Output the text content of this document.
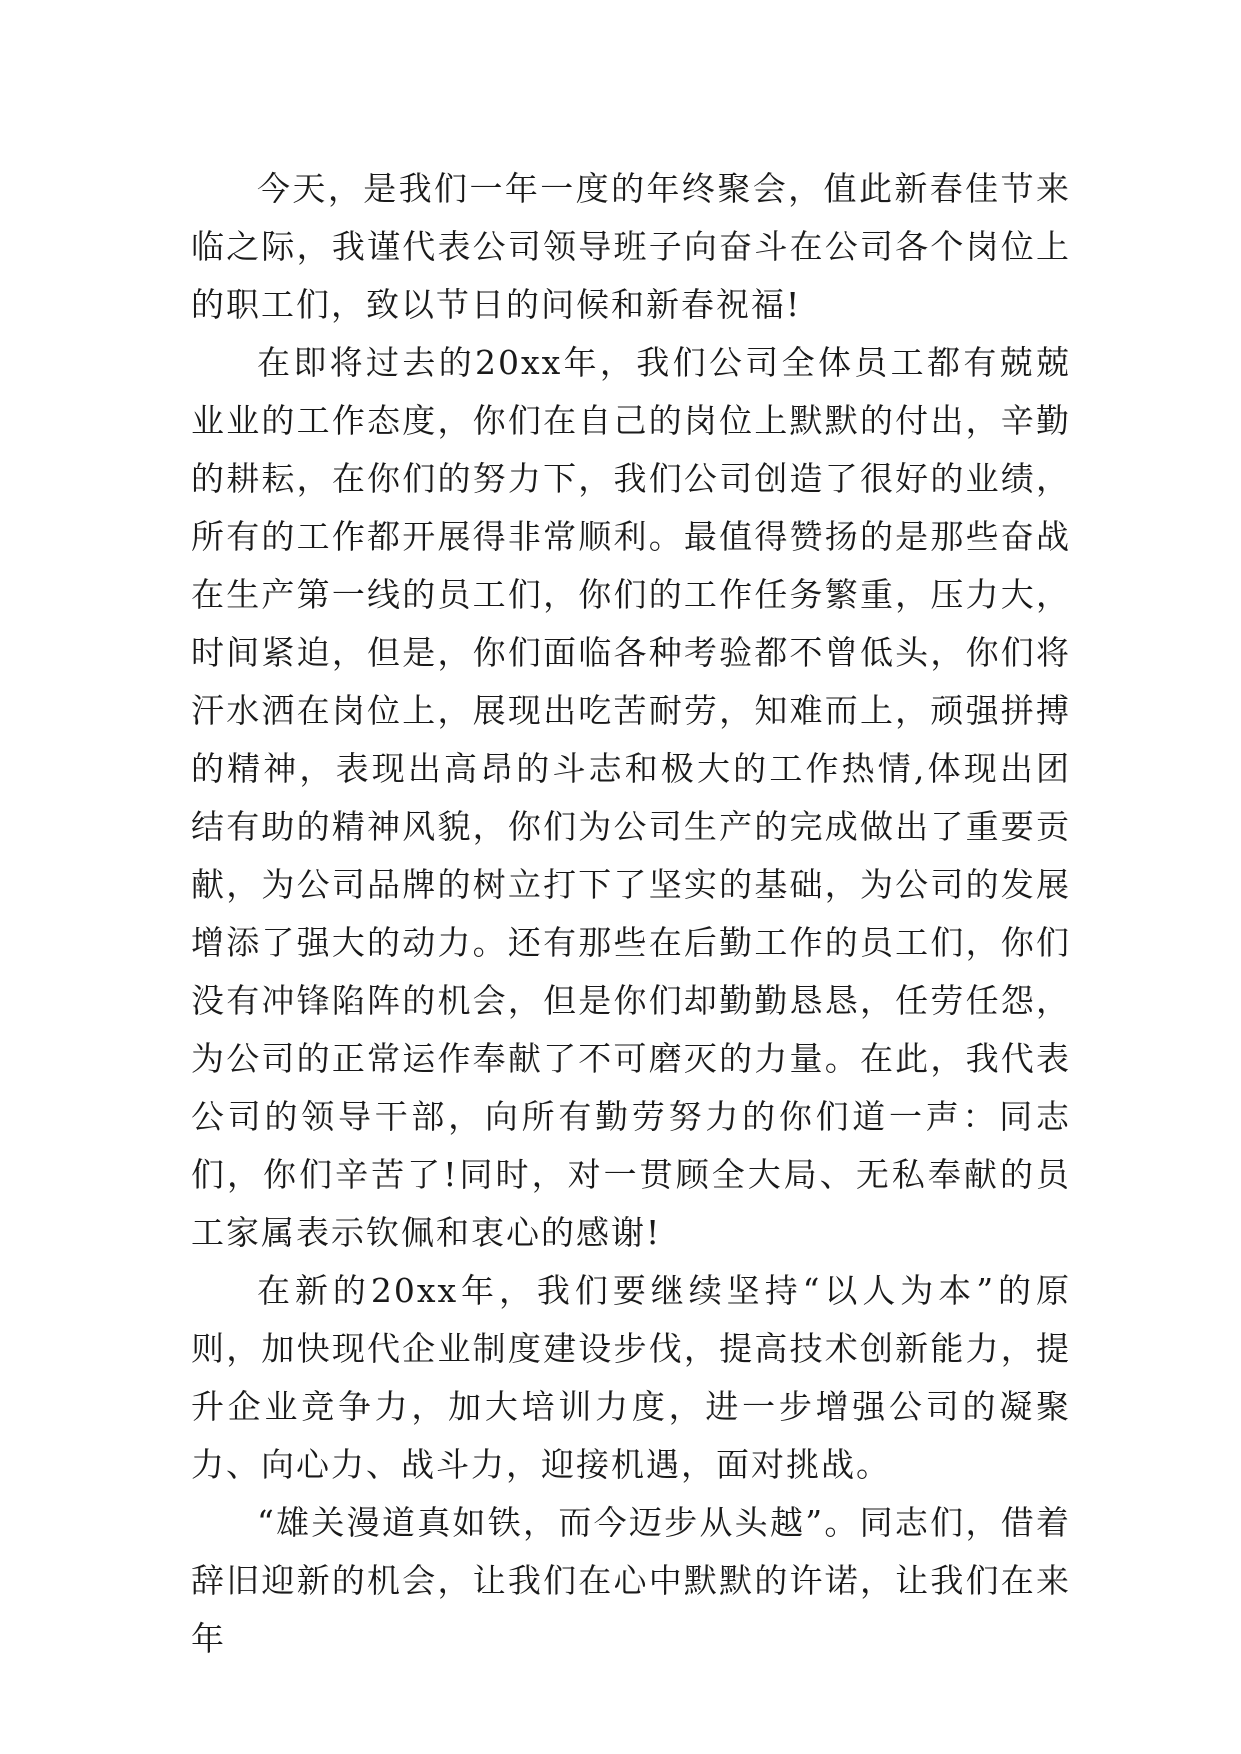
今天，是我们一年一度的年终聚会，值此新春佳节来临之际，我谨代表公司领导班子向奋斗在公司各个岗位上的职工们，致以节日的问候和新春祝福!

在即将过去的20xx年，我们公司全体员工都有兢兢业业的工作态度，你们在自己的岗位上默默的付出，辛勤的耕耘，在你们的努力下，我们公司创造了很好的业绩，所有的工作都开展得非常顺利。最值得赞扬的是那些奋战在生产第一线的员工们，你们的工作任务繁重，压力大，时间紧迫，但是，你们面临各种考验都不曾低头，你们将汗水洒在岗位上，展现出吃苦耐劳，知难而上，顽强拼搏的精神，表现出高昂的斗志和极大的工作热情,体现出团结有助的精神风貌，你们为公司生产的完成做出了重要贡献，为公司品牌的树立打下了坚实的基础，为公司的发展增添了强大的动力。还有那些在后勤工作的员工们，你们没有冲锋陷阵的机会，但是你们却勤勤恳恳，任劳任怨，为公司的正常运作奉献了不可磨灭的力量。在此，我代表公司的领导干部，向所有勤劳努力的你们道一声：同志们，你们辛苦了!同时，对一贯顾全大局、无私奉献的员工家属表示钦佩和衷心的感谢!

在新的20xx年，我们要继续坚持“以人为本”的原则，加快现代企业制度建设步伐，提高技术创新能力，提升企业竞争力，加大培训力度，进一步增强公司的凝聚力、向心力、战斗力，迎接机遇，面对挑战。

“雄关漫道真如铁，而今迈步从头越”。同志们，借着辞旧迎新的机会，让我们在心中默默的许诺，让我们在来年
